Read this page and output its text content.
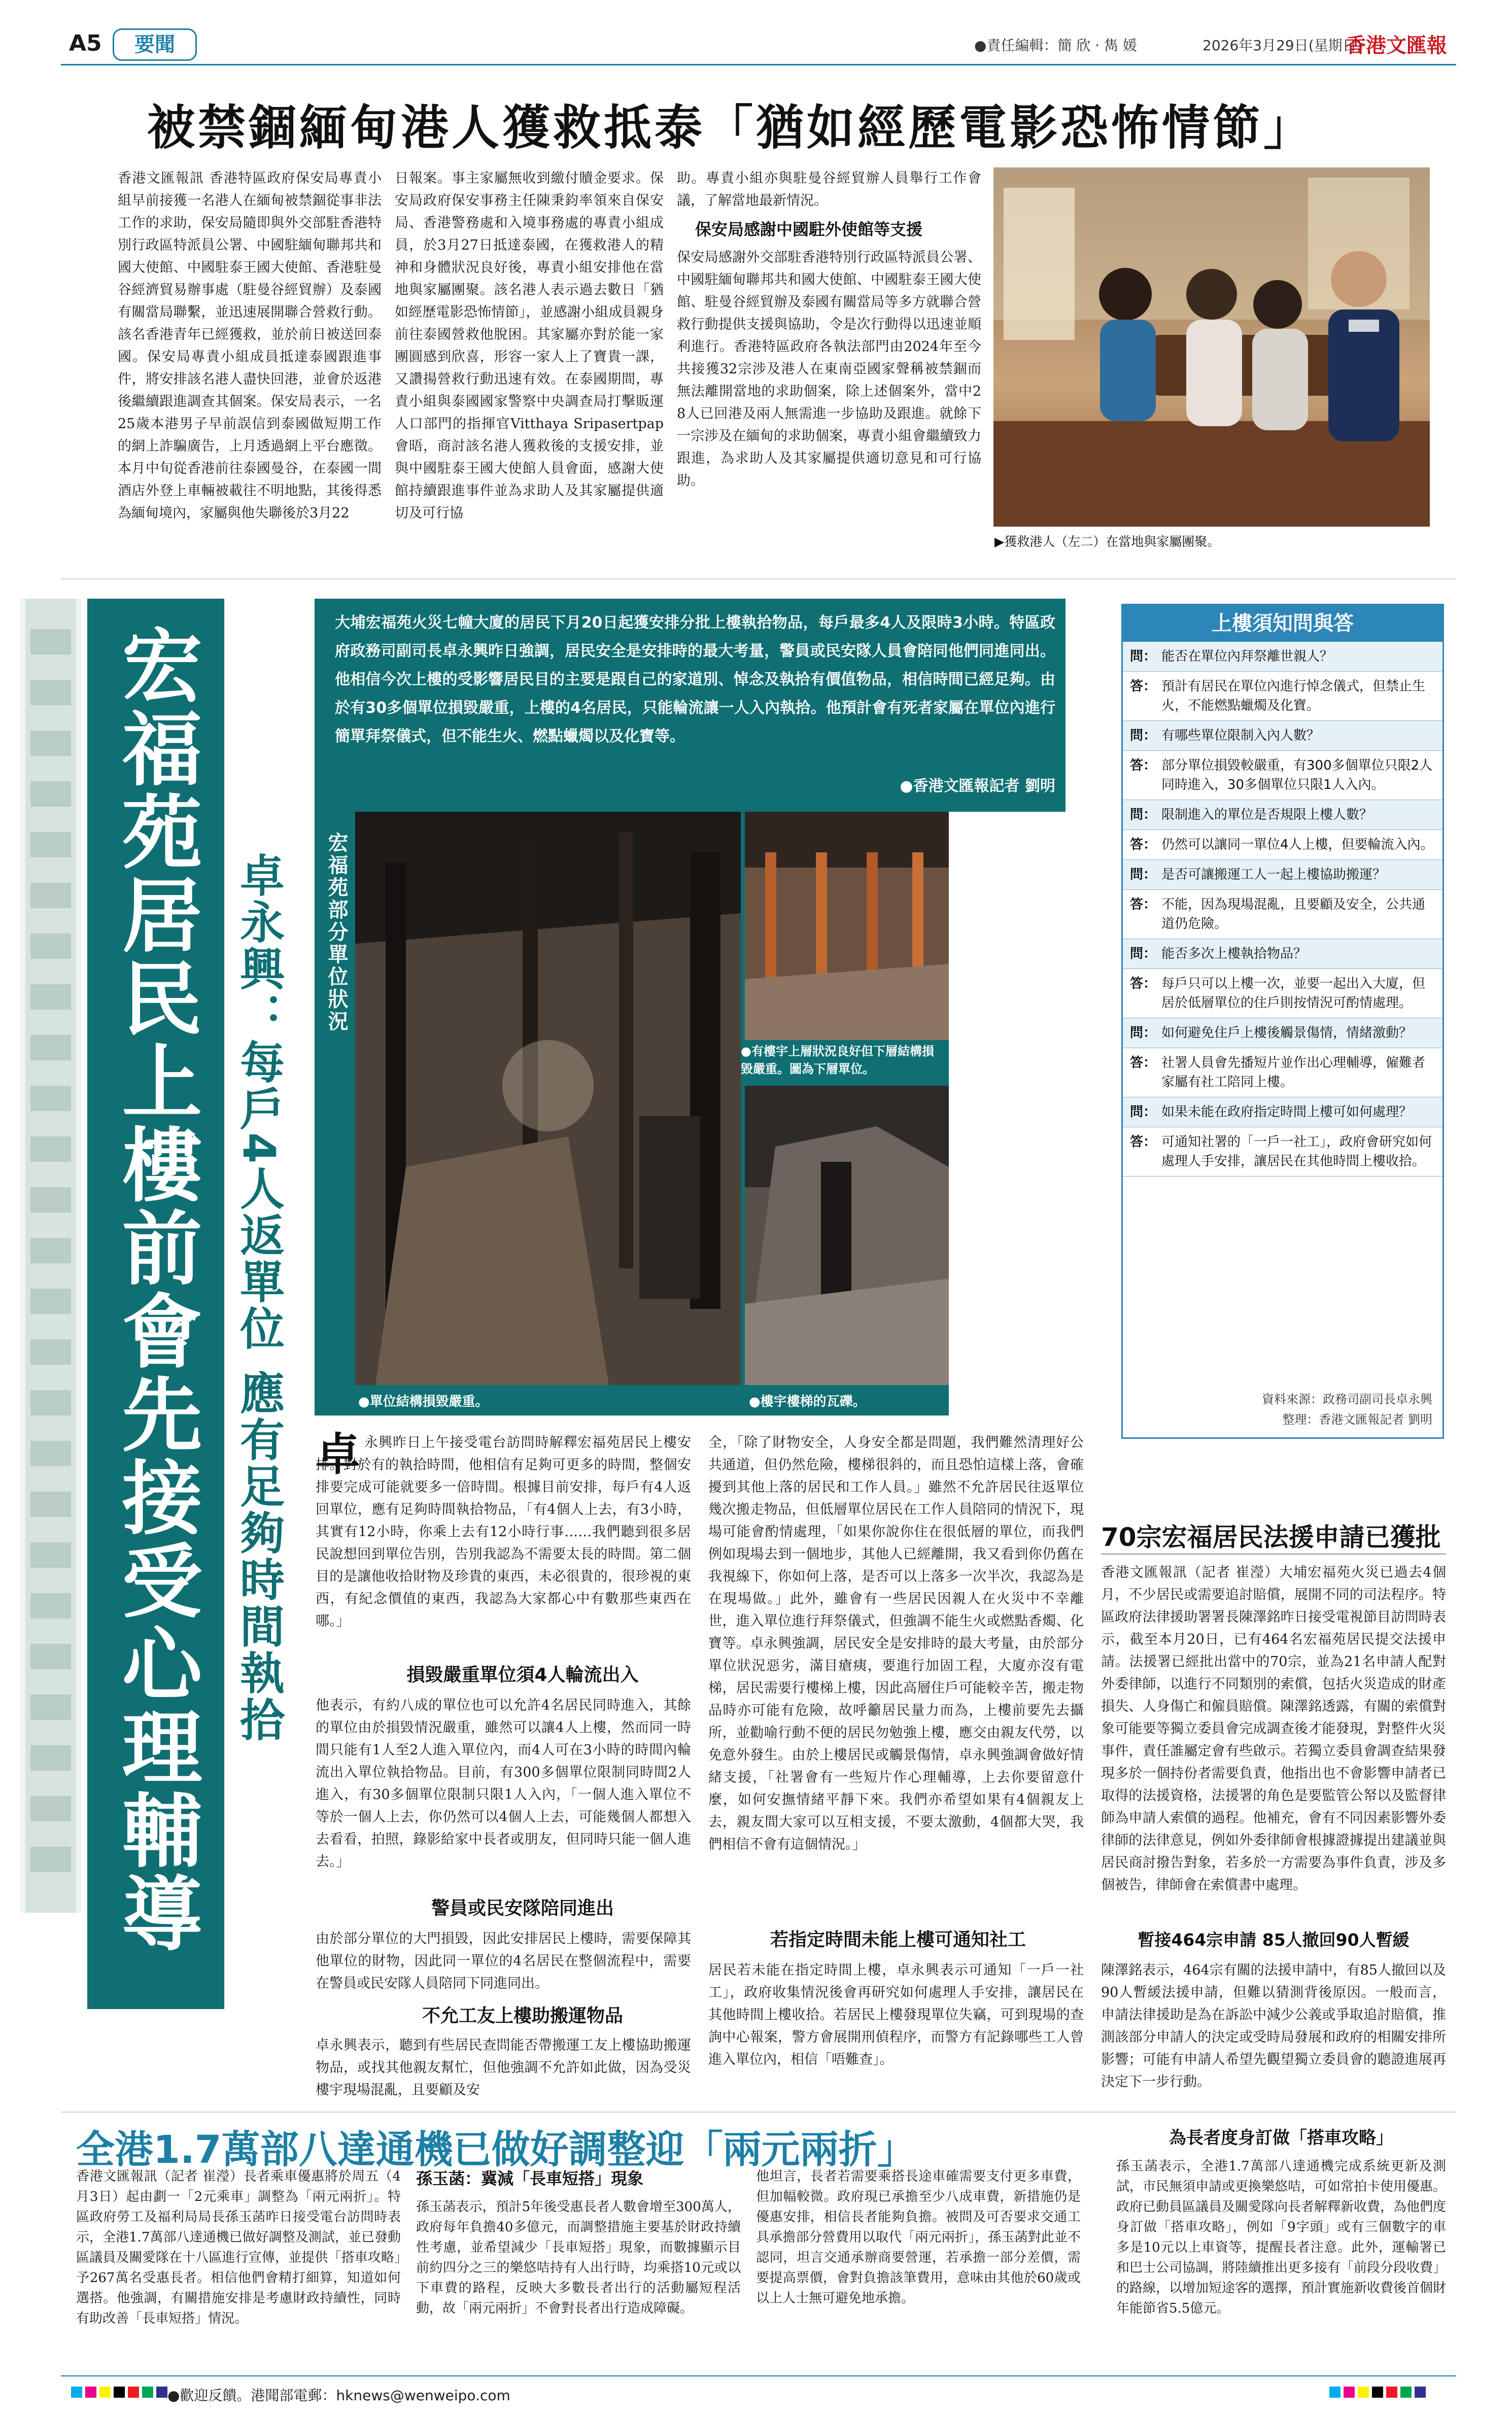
A5	要聞	●責任編輯：簡 欣 · 雋 媛	2026年3月29日(星期日)
香港文匯報
被禁錮緬甸港人獲救抵泰「猶如經歷電影恐怖情節」
香港文匯報訊 香港特區政府保安局專責小組早前接獲一名港人在緬甸被禁錮從事非法工作的求助，保安局隨即與外交部駐香港特別行政區特派員公署、中國駐緬甸聯邦共和國大使館、中國駐泰王國大使館、香港駐曼谷經濟貿易辦事處（駐曼谷經貿辦）及泰國有關當局聯繫，並迅速展開聯合營救行動。該名香港青年已經獲救，並於前日被送回泰國。保安局專責小組成員抵達泰國跟進事件，將安排該名港人盡快回港，並會於返港後繼續跟進調查其個案。保安局表示，一名25歲本港男子早前誤信到泰國做短期工作的網上詐騙廣告，上月透過網上平台應徵。本月中旬從香港前往泰國曼谷，在泰國一間酒店外登上車輛被載往不明地點，其後得悉為緬甸境內，家屬與他失聯後於3月22
日報案。事主家屬無收到繳付贖金要求。保安局政府保安事務主任陳秉鈞率領來自保安局、香港警務處和入境事務處的專責小組成員，於3月27日抵達泰國，在獲救港人的精神和身體狀況良好後，專責小組安排他在當地與家屬團聚。該名港人表示過去數日「猶如經歷電影恐怖情節」，並感謝小組成員親身前往泰國營救他脫困。其家屬亦對於能一家團圓感到欣喜，形容一家人上了寶貴一課，又讚揚營救行動迅速有效。在泰國期間，專責小組與泰國國家警察中央調查局打擊販運人口部門的指揮官Vitthaya Sripasertpap會晤，商討該名港人獲救後的支援安排，並與中國駐泰王國大使館人員會面，感謝大使館持續跟進事件並為求助人及其家屬提供適切及可行協
助。專責小組亦與駐曼谷經貿辦人員舉行工作會議，了解當地最新情況。
保安局感謝中國駐外使館等支援
保安局感謝外交部駐香港特別行政區特派員公署、中國駐緬甸聯邦共和國大使館、中國駐泰王國大使館、駐曼谷經貿辦及泰國有關當局等多方就聯合營救行動提供支援與協助，令是次行動得以迅速並順利進行。香港特區政府各執法部門由2024年至今共接獲32宗涉及港人在東南亞國家聲稱被禁錮而無法離開當地的求助個案，除上述個案外，當中28人已回港及兩人無需進一步協助及跟進。就餘下一宗涉及在緬甸的求助個案，專責小組會繼續致力跟進，為求助人及其家屬提供適切意見和可行協助。
▶獲救港人（左二）在當地與家屬團聚。
宏福苑居民上樓前會先接受心理輔導 卓永興：每戶4人返單位 應有足夠時間執拾
大埔宏福苑火災七幢大廈的居民下月20日起獲安排分批上樓執拾物品，每戶最多4人及限時3小時。特區政府政務司副司長卓永興昨日強調，居民安全是安排時的最大考量，警員或民安隊人員會陪同他們同進同出。他相信今次上樓的受影響居民目的主要是跟自己的家道別、悼念及執拾有價值物品，相信時間已經足夠。由於有30多個單位損毀嚴重，上樓的4名居民，只能輪流讓一人入內執拾。他預計會有死者家屬在單位內進行簡單拜祭儀式，但不能生火、燃點蠟燭以及化寶等。
●香港文匯報記者 劉明
宏福苑部分單位狀況
●有樓宇上層狀況良好但下層結構損毀嚴重。圖為下層單位。
●單位結構損毀嚴重。	●樓宇樓梯的瓦礫。
上樓須知問與答
問： 能否在單位內拜祭離世親人？
答： 預計有居民在單位內進行悼念儀式，但禁止生火，不能燃點蠟燭及化寶。
問： 有哪些單位限制入內人數？
答： 部分單位損毀較嚴重，有300多個單位只限2人同時進入，30多個單位只限1人入內。
問： 限制進入的單位是否規限上樓人數？
答： 仍然可以讓同一單位4人上樓，但要輪流入內。
問： 是否可讓搬運工人一起上樓協助搬運？
答： 不能，因為現場混亂，且要顧及安全，公共通道仍危險。
問： 能否多次上樓執拾物品？
答： 每戶只可以上樓一次，並要一起出入大廈，但居於低層單位的住戶則按情況可酌情處理。
問： 如何避免住戶上樓後觸景傷情，情緒激動？
答： 社署人員會先播短片並作出心理輔導，僱難者家屬有社工陪同上樓。
問： 如果未能在政府指定時間上樓可如何處理？
答： 可通知社署的「一戶一社工」，政府會研究如何處理人手安排，讓居民在其他時間上樓收拾。
資料來源：政務司副司長卓永興
整理：香港文匯報記者 劉明
卓 永興昨日上午接受電台訪問時解釋宏福苑居民上樓安排。對於有的執拾時間，他相信有足夠可更多的時間，整個安排要完成可能就要多一倍時間。根據目前安排，每戶有4人返回單位，應有足夠時間執拾物品，「有4個人上去，有3小時，其實有12小時，你乘上去有12小時行事……我們聽到很多居民說想回到單位告別，告別我認為不需要太長的時間。第二個目的是讓他收拾財物及珍貴的東西，未必很貴的，很珍視的東西，有紀念價值的東西，我認為大家都心中有數那些東西在哪。」
損毀嚴重單位須4人輪流出入
他表示，有約八成的單位也可以允許4名居民同時進入，其餘的單位由於損毀情況嚴重，雖然可以讓4人上樓，然而同一時間只能有1人至2人進入單位內，而4人可在3小時的時間內輪流出入單位執拾物品。目前，有300多個單位限制同時間2人進入，有30多個單位限制只限1人入內，「一個人進入單位不等於一個人上去，你仍然可以4個人上去，可能幾個人都想入去看看，拍照，錄影給家中長者或朋友，但同時只能一個人進去。」
警員或民安隊陪同進出
由於部分單位的大門損毀，因此安排居民上樓時，需要保障其他單位的財物，因此同一單位的4名居民在整個流程中，需要在警員或民安隊人員陪同下同進同出。
不允工友上樓助搬運物品
卓永興表示，聽到有些居民查問能否帶搬運工友上樓協助搬運物品，或找其他親友幫忙，但他強調不允許如此做，因為受災樓宇現場混亂，且要顧及安
全，「除了財物安全，人身安全都是問題，我們難然清理好公共通道，但仍然危險，樓梯很斜的，而且恐怕這樣上落，會確擾到其他上落的居民和工作人員。」雖然不允許居民往返單位幾次搬走物品，但低層單位居民在工作人員陪同的情況下，現場可能會酌情處理，「如果你說你住在很低層的單位，而我們例如現場去到一個地步，其他人已經離開，我又看到你仍舊在我視線下，你如何上落，是否可以上落多一次半次，我認為是在現場做。」此外，雖會有一些居民因親人在火災中不幸離世，進入單位進行拜祭儀式，但強調不能生火或燃點香燭、化寶等。卓永興強調，居民安全是安排時的最大考量，由於部分單位狀況惡劣，滿目瘡痍，要進行加固工程，大廈亦沒有電梯，居民需要行樓梯上樓，因此高層住戶可能較辛苦，搬走物品時亦可能有危險，故呼籲居民量力而為，上樓前要先去攝所，並勸喻行動不便的居民勿勉強上樓，應交由親友代勞，以免意外發生。由於上樓居民或觸景傷情，卓永興強調會做好情緒支援，「社署會有一些短片作心理輔導，上去你要留意什麼，如何安撫情緒平靜下來。我們亦希望如果有4個親友上去，親友間大家可以互相支援，不要太激動，4個都大哭，我們相信不會有這個情況。」
若指定時間未能上樓可通知社工
居民若未能在指定時間上樓，卓永興表示可通知「一戶一社工」，政府收集情況後會再研究如何處理人手安排，讓居民在其他時間上樓收拾。若居民上樓發現單位失竊，可到現場的查詢中心報案，警方會展開刑偵程序，而警方有記錄哪些工人曾進入單位內，相信「唔難查」。
70宗宏福居民法援申請已獲批
香港文匯報訊（記者 崔瀅）大埔宏福苑火災已過去4個月，不少居民或需要追討賠償，展開不同的司法程序。特區政府法律援助署署長陳澤銘昨日接受電視節目訪問時表示，截至本月20日，已有464名宏福苑居民提交法援申請。法援署已經批出當中的70宗，並為21名申請人配對外委律師，以進行不同類別的索償，包括火災造成的財產損失、人身傷亡和僱員賠償。陳澤銘透露，有關的索償對象可能要等獨立委員會完成調查後才能發現，對整件火災事件，責任誰屬定會有些啟示。若獨立委員會調查結果發現多於一個持份者需要負責，他指出也不會影響申請者已取得的法援資格，法援署的角色是要監管公帑以及監督律師為申請人索償的過程。他補充，會有不同因素影響外委律師的法律意見，例如外委律師會根據證據提出建議並與居民商討撥告對象，若多於一方需要為事件負責，涉及多個被告，律師會在索償書中處理。
暫接464宗申請 85人撤回90人暫緩
陳澤銘表示，464宗有關的法援申請中，有85人撤回以及90人暫緩法援申請，但難以猜測背後原因。一般而言，申請法律援助是為在訴訟中減少公義或爭取追討賠償，推測該部分申請人的決定或受時局發展和政府的相關安排所影響；可能有申請人希望先觀望獨立委員會的聽證進展再決定下一步行動。
全港1.7萬部八達通機已做好調整迎「兩元兩折」
香港文匯報訊（記者 崔瀅）長者乘車優惠將於周五（4月3日）起由劃一「2元乘車」調整為「兩元兩折」。特區政府勞工及福利局局長孫玉菡昨日接受電台訪問時表示，全港1.7萬部八達通機已做好調整及測試，並已發動區議員及關愛隊在十八區進行宣傳，並提供「搭車攻略」予267萬名受惠長者。相信他們會精打細算，知道如何選搭。他強調，有關措施安排是考慮財政持續性，同時有助改善「長車短搭」情況。
孫玉菡：冀減「長車短搭」現象
孫玉菡表示，預計5年後受惠長者人數會增至300萬人，政府每年負擔40多億元，而調整措施主要基於財政持續性考慮，並希望減少「長車短搭」現象，而數據顯示目前約四分之三的樂悠咭持有人出行時，均乘搭10元或以下車費的路程，反映大多數長者出行的活動屬短程活動，故「兩元兩折」不會對長者出行造成障礙。
他坦言，長者若需要乘搭長途車確需要支付更多車費，但加幅較微。政府現已承擔至少八成車費，新措施仍是優惠安排，相信長者能夠負擔。被問及可否要求交通工具承擔部分營費用以取代「兩元兩折」，孫玉菡對此並不認同，坦言交通承辦商要營運，若承擔一部分差價，需要提高票價，會對負擔該筆費用，意味由其他於60歲或以上人士無可避免地承擔。
為長者度身訂做「搭車攻略」
孫玉菡表示，全港1.7萬部八達通機完成系統更新及測試，市民無須申請或更換樂悠咭，可如常拍卡使用優惠。政府已動員區議員及關愛隊向長者解釋新收費，為他們度身訂做「搭車攻略」，例如「9字頭」或有三個數字的車多是10元以上車資等，提醒長者注意。此外，運輸署已和巴士公司協調，將陸續推出更多接有「前段分段收費」的路線，以增加短途客的選擇，預計實施新收費後首個財年能節省5.5億元。
●歡迎反饋。港聞部電郵：hknews@wenweipo.com
